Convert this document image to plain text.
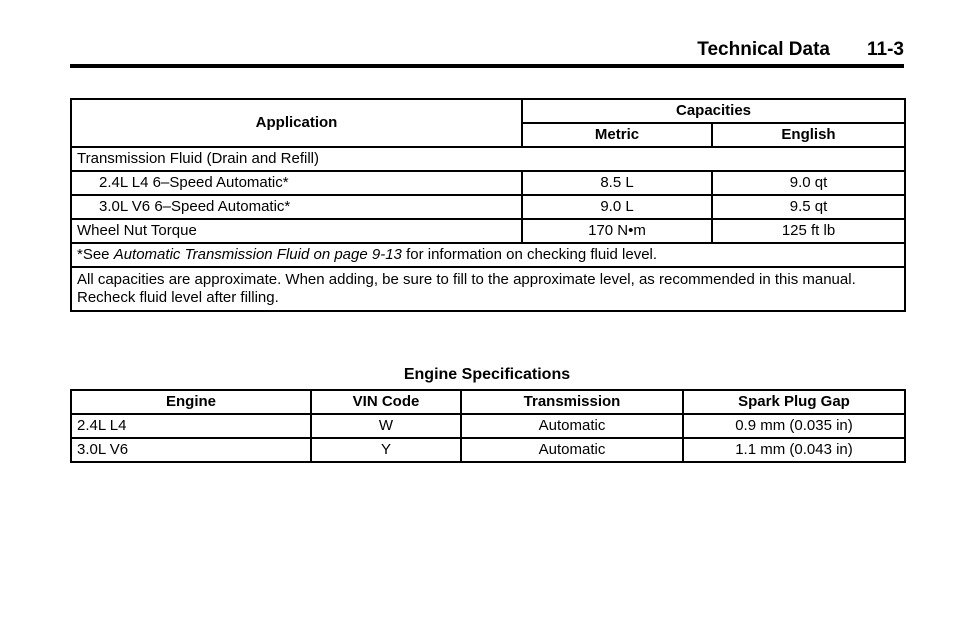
Technical Data 11-3
Application	Capacities	
	Metric	English
Transmission Fluid (Drain and Refill)		
2.4L L4 6–Speed Automatic*	8.5 L	9.0 qt
3.0L V6 6–Speed Automatic*	9.0 L	9.5 qt
Wheel Nut Torque	170 N•m	125 ft lb
*See Automatic Transmission Fluid on page 9-13 for information on checking fluid level.		
All capacities are approximate. When adding, be sure to fill to the approximate level, as recommended in this manual. Recheck fluid level after filling.		
Engine Specifications
Engine	VIN Code	Transmission	Spark Plug Gap
2.4L L4	W	Automatic	0.9 mm (0.035 in)
3.0L V6	Y	Automatic	1.1 mm (0.043 in)
